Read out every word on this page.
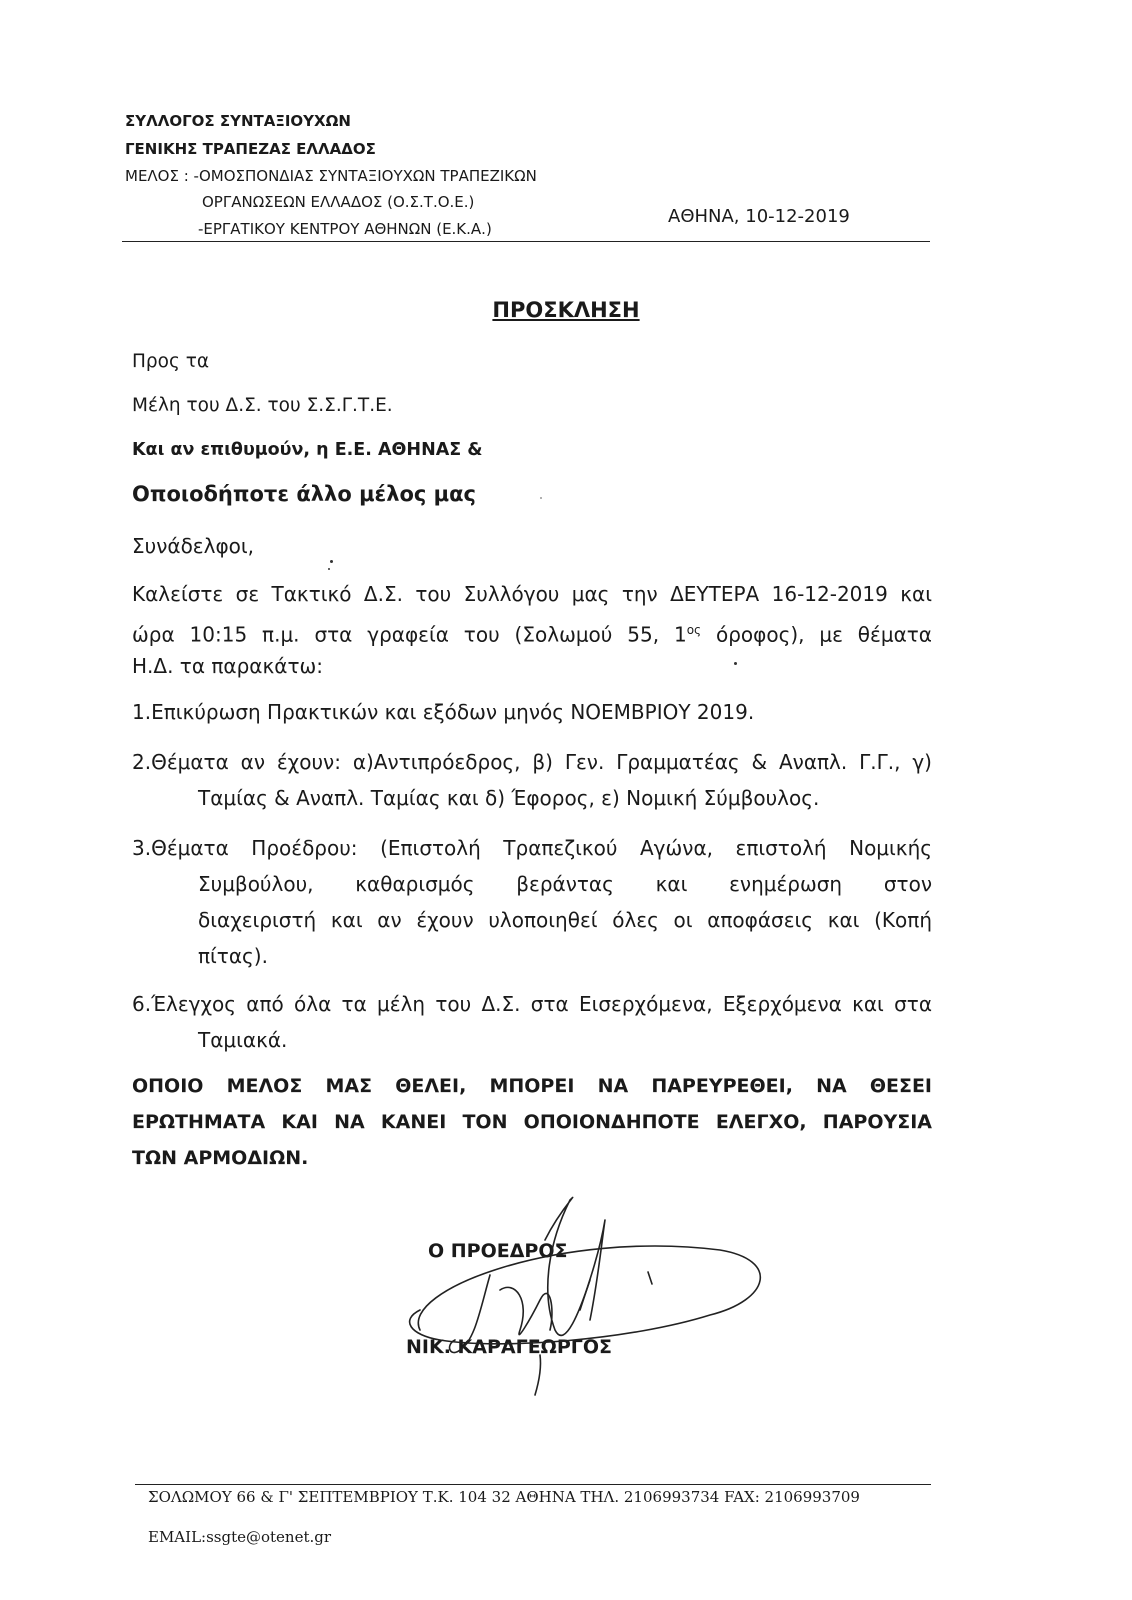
ΣΥΛΛΟΓΟΣ ΣΥΝΤΑΞΙΟΥΧΩΝ
ΓΕΝΙΚΗΣ ΤΡΑΠΕΖΑΣ ΕΛΛΑΔΟΣ
ΜΕΛΟΣ : -ΟΜΟΣΠΟΝΔΙΑΣ ΣΥΝΤΑΞΙΟΥΧΩΝ ΤΡΑΠΕΖΙΚΩΝ
ΟΡΓΑΝΩΣΕΩΝ ΕΛΛΑΔΟΣ (Ο.Σ.Τ.Ο.Ε.)
-ΕΡΓΑΤΙΚΟΥ ΚΕΝΤΡΟΥ ΑΘΗΝΩΝ (Ε.Κ.Α.)
ΑΘΗΝΑ, 10-12-2019
ΠΡΟΣΚΛΗΣΗ
Προς τα
Μέλη του Δ.Σ. του Σ.Σ.Γ.Τ.Ε.
Και αν επιθυμούν, η Ε.Ε. ΑΘΗΝΑΣ &
Οποιοδήποτε άλλο μέλος μας
Συνάδελφοι,
Καλείστε σε Τακτικό Δ.Σ. του Συλλόγου μας την ΔΕΥΤΕΡΑ 16-12-2019 και
ώρα 10:15 π.μ. στα γραφεία του (Σολωμού 55, $1^{o\varsigma}$ όροφος), με θέματα
Η.Δ. τα παρακάτω:
1.Επικύρωση Πρακτικών και εξόδων μηνός ΝΟΕΜΒΡΙΟΥ 2019.
2.Θέματα αν έχουν: α)Αντιπρόεδρος, β) Γεν. Γραμματέας & Αναπλ. Γ.Γ., γ)
Ταμίας & Αναπλ. Ταμίας και δ) Έφορος, ε) Νομική Σύμβουλος.
3.Θέματα Προέδρου: (Επιστολή Τραπεζικού Αγώνα, επιστολή Νομικής
Συμβούλου, καθαρισμός βεράντας και ενημέρωση στον
διαχειριστή και αν έχουν υλοποιηθεί όλες οι αποφάσεις και (Κοπή
πίτας).
6.Έλεγχος από όλα τα μέλη του Δ.Σ. στα Εισερχόμενα, Εξερχόμενα και στα
Ταμιακά.
ΟΠΟΙΟ ΜΕΛΟΣ ΜΑΣ ΘΕΛΕΙ, ΜΠΟΡΕΙ ΝΑ ΠΑΡΕΥΡΕΘΕΙ, ΝΑ ΘΕΣΕΙ
ΕΡΩΤΗΜΑΤΑ ΚΑΙ ΝΑ ΚΑΝΕΙ ΤΟΝ ΟΠΟΙΟΝΔΗΠΟΤΕ ΕΛΕΓΧΟ, ΠΑΡΟΥΣΙΑ
ΤΩΝ ΑΡΜΟΔΙΩΝ.
Ο ΠΡΟΕΔΡΟΣ
ΝΙΚ. ΚΑΡΑΓΕΩΡΓΟΣ
ΣΟΛΩΜΟΥ 66 & Γ' ΣΕΠΤΕΜΒΡΙΟΥ Τ.Κ. 104 32 ΑΘΗΝΑ ΤΗΛ. 2106993734 FAX: 2106993709
EMAIL:ssgte@otenet.gr
